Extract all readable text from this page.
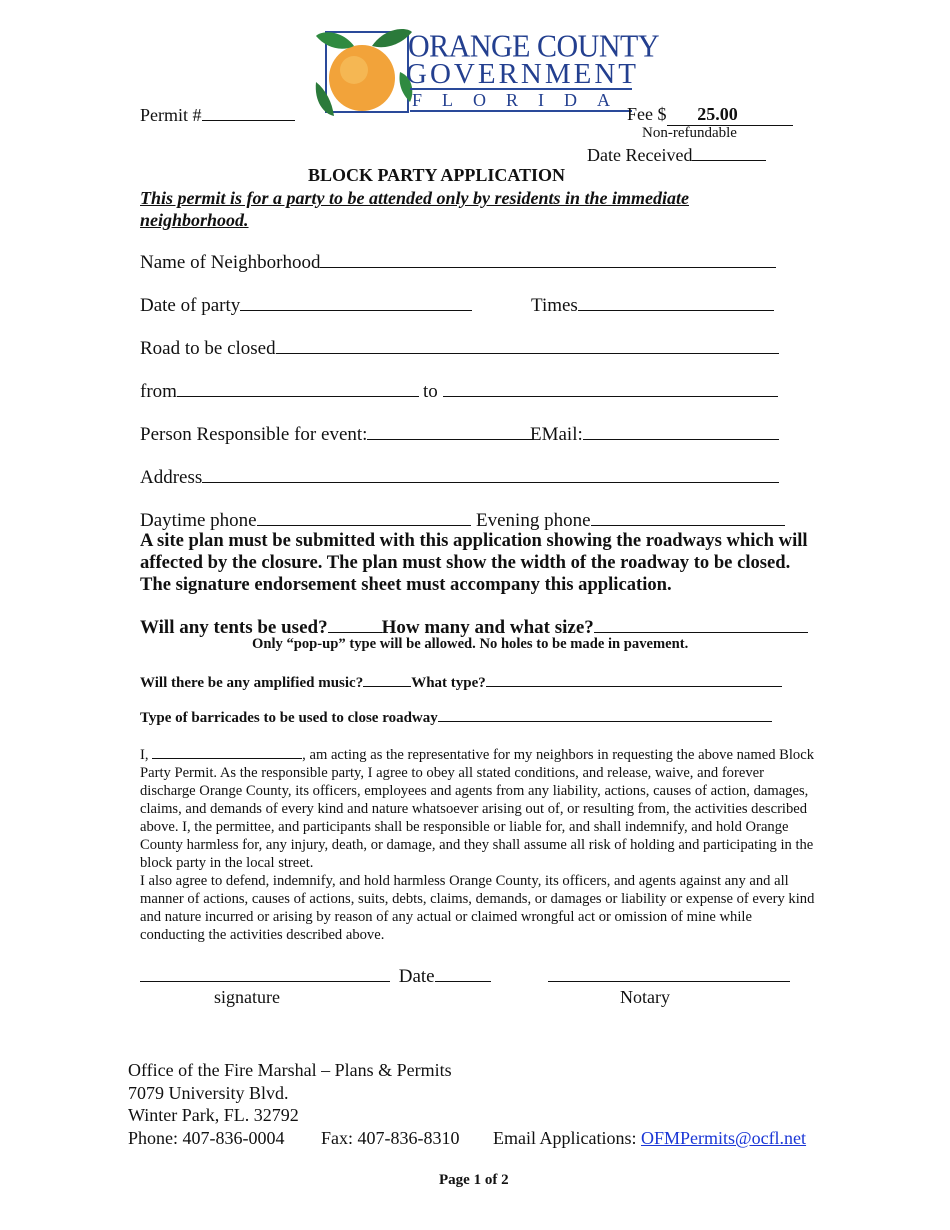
ORANGE COUNTY
GOVERNMENT
FLORIDA
Permit #	Fee $ 25.00
Non-refundable
Date Received
BLOCK PARTY APPLICATION
This permit is for a party to be attended only by residents in the immediate neighborhood.
Name of Neighborhood
Date of party	Times
Road to be closed
from	to
Person Responsible for event:	EMail:
Address
Daytime phone	Evening phone
A site plan must be submitted with this application showing the roadways which will affected by the closure. The plan must show the width of the roadway to be closed. The signature endorsement sheet must accompany this application.
Will any tents be used?	How many and what size?
Only “pop-up” type will be allowed. No holes to be made in pavement.
Will there be any amplified music?	What type?
Type of barricades to be used to close roadway
I,	, am acting as the representative for my neighbors in requesting the above named Block Party Permit. As the responsible party, I agree to obey all stated conditions, and release, waive, and forever discharge Orange County, its officers, employees and agents from any liability, actions, causes of action, damages, claims, and demands of every kind and nature whatsoever arising out of, or resulting from, the activities described above. I, the permittee, and participants shall be responsible or liable for, and shall indemnify, and hold Orange County harmless for, any injury, death, or damage, and they shall assume all risk of holding and participating in the block party in the local street.
I also agree to defend, indemnify, and hold harmless Orange County, its officers, and agents against any and all manner of actions, causes of actions, suits, debts, claims, demands, or damages or liability or expense of every kind and nature incurred or arising by reason of any actual or claimed wrongful act or omission of mine while conducting the activities described above.
Date
signature	Notary
Office of the Fire Marshal – Plans & Permits
7079 University Blvd.
Winter Park, FL. 32792
Phone: 407-836-0004 Fax: 407-836-8310 Email Applications: OFMPermits@ocfl.net
Page 1 of 2
